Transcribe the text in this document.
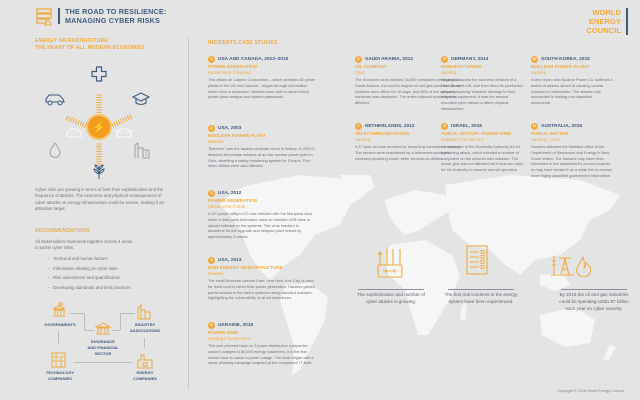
THE ROAD TO RESILIENCE:
MANAGING CYBER RISKS
WORLD
ENERGY
COUNCIL
ENERGY INFRASTRUCTURE:
THE HEART OF ALL MODERN ECONOMIES
⚡
Cyber risks are growing in terms of both their sophistication and the frequency of attacks. The economic and physical consequences of cyber attacks on energy infrastructure could be severe, making it an attractive target.
RECOMMENDATIONS
All stakeholders must work together across 4 areas
to tackle cyber risks:
- Technical and human factors
- Information sharing on cyber risks
- Risk assessment and quantification
- Developing standards and best practices
GOVERNMENTS
INSURANCE
AND FINANCIAL
SECTOR
INDUSTRY
ASSOCIATIONS
TECHNOLOGY
COMPANIES
ENERGY
COMPANIES
INCIDENTS CASE STUDIES
1	USA AND CANADA, 2013–2015
POWER GENERATION
Human error // hacking
This attack on Calpine Corporation – which operates 82 power plants in the US and Canada – began through information stolen from a contractor. Hackers were able to steal critical power plant designs and system passwords.
2	USA, 2003
NUCLEAR POWER PLANT
Malware
'Slammer' was the fastest computer worm in history. In 2003 it attacked the private network at an idle nuclear power plant in Ohio, disabling a safety monitoring system for 5 hours. Five other utilities were also affected.
3	USA, 2012
POWER GENERATION
Human error // virus
A US power utility's ICS was infected with the Mariposa virus when a third-party technician used an infected USB drive to upload software to the systems. The virus resulted in downtime for the upgrade and delayed plant restart by approximately 3 weeks.
4	USA, 2013
NON-ENERGY INFRASTRUCTURE
Malware
The small Bowman Avenue Dam, near New York City, is used for flood control rather than power generation. Hackers gained partial access to the dam's systems using standard malware, highlighting the vulnerability of all infrastructures.
5	UKRAINE, 2015
POWER GRID
Hacking // human error
This well-planned hack on 3 power distribution companies caused outages to 80,000 energy customers. It is the first known hack to cause a power outage. The hack began with a spear phishing campaign targeted at the companies' IT staff.
6	SAUDI ARABIA, 2012
OIL COMPANY
Virus
The Shamoon virus infected 35,000 computers belonging to Saudi Aramco, the world's largest oil and gas producer. Some systems were offline for 10 days, and 85% of the company's hardware was destroyed. The entire national economy was affected.
7	NETHERLANDS, 2012
TELECOMMUNICATIONS
Hacking
A 17 year old was arrested for breaching hundreds of servers. The servers were maintained by a telecommunications company providing smart meter services to utilities.
8	GERMANY, 2014
MANUFACTURING
Hacking
Hackers attacked the business network of a German steel mill, and from there its production network, causing 'massive' damage to their industrial equipment. It was the second recorded cyber attack to affect physical infrastructure.
9	ISRAEL, 2016
PUBLIC SECTOR: POWER GRID
Malware // human error
An employee of the Electricity Authority fell for a phishing attack, which infected a number of computers on the network with malware. The power grid was not affected but it took two days for the Authority to resume normal operation.
10 SOUTH KOREA, 2015
NUCLEAR POWER PLANT
Hacking
Korea Hydro and Nuclear Power Co. suffered a series of attacks aimed at causing nuclear reactors to malfunction. The attacks only succeeded in leaking non-classified documents.
11 AUSTRALIA, 2015
PUBLIC SECTOR
Hacking // virus
Hackers attacked the Maitland office of the Department of Resources and Energy in New South Wales. The hackers may have been interested in the department's current projects, or may have viewed it as a weak link to access more highly classified government information.
The sophistication and number of cyber attacks is growing.
The first real incidents in the energy system have been experienced.
By 2018 the oil and gas industries could be spending US$1.87 billion each year on cyber security.
Copyright © 2016 World Energy Council
